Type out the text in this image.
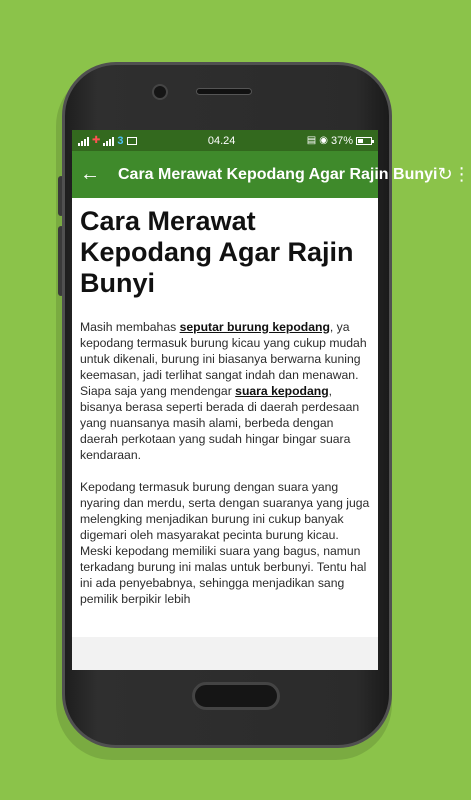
✚ 3	04.24	▤ ◉ 37%
← Cara Merawat Kepodang Agar Rajin Bunyi ↻ ⋮
Cara Merawat Kepodang Agar Rajin Bunyi

Masih membahas seputar burung kepodang, ya kepodang termasuk burung kicau yang cukup mudah untuk dikenali, burung ini biasanya berwarna kuning keemasan, jadi terlihat sangat indah dan menawan. Siapa saja yang mendengar suara kepodang, bisanya berasa seperti berada di daerah perdesaan yang nuansanya masih alami, berbeda dengan daerah perkotaan yang sudah hingar bingar suara kendaraan.

Kepodang termasuk burung dengan suara yang nyaring dan merdu, serta dengan suaranya yang juga melengking menjadikan burung ini cukup banyak digemari oleh masyarakat pecinta burung kicau. Meski kepodang memiliki suara yang bagus, namun terkadang burung ini malas untuk berbunyi. Tentu hal ini ada penyebabnya, sehingga menjadikan sang pemilik berpikir lebih
